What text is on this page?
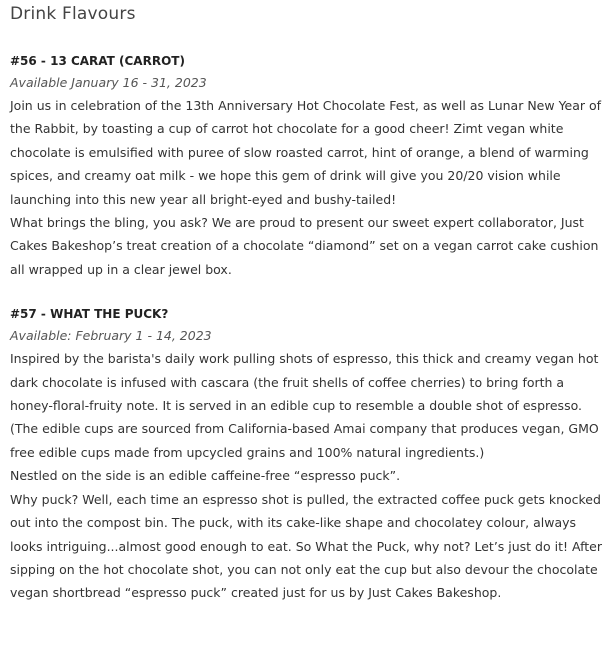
Drink Flavours
#56 - 13 CARAT (CARROT)
Available January 16 - 31, 2023

Join us in celebration of the 13th Anniversary Hot Chocolate Fest, as well as Lunar New Year of the Rabbit, by toasting a cup of carrot hot chocolate for a good cheer! Zimt vegan white chocolate is emulsified with puree of slow roasted carrot, hint of orange, a blend of warming spices, and creamy oat milk - we hope this gem of drink will give you 20/20 vision while launching into this new year all bright-eyed and bushy-tailed!

What brings the bling, you ask? We are proud to present our sweet expert collaborator, Just Cakes Bakeshop’s treat creation of a chocolate “diamond” set on a vegan carrot cake cushion all wrapped up in a clear jewel box.

#57 - WHAT THE PUCK?
Available: February 1 - 14, 2023

Inspired by the barista's daily work pulling shots of espresso, this thick and creamy vegan hot dark chocolate is infused with cascara (the fruit shells of coffee cherries) to bring forth a honey-floral-fruity note. It is served in an edible cup to resemble a double shot of espresso. (The edible cups are sourced from California-based Amai company that produces vegan, GMO free edible cups made from upcycled grains and 100% natural ingredients.)

Nestled on the side is an edible caffeine-free “espresso puck”.

Why puck? Well, each time an espresso shot is pulled, the extracted coffee puck gets knocked out into the compost bin. The puck, with its cake-like shape and chocolatey colour, always looks intriguing...almost good enough to eat. So What the Puck, why not? Let’s just do it! After sipping on the hot chocolate shot, you can not only eat the cup but also devour the chocolate vegan shortbread “espresso puck” created just for us by Just Cakes Bakeshop.
